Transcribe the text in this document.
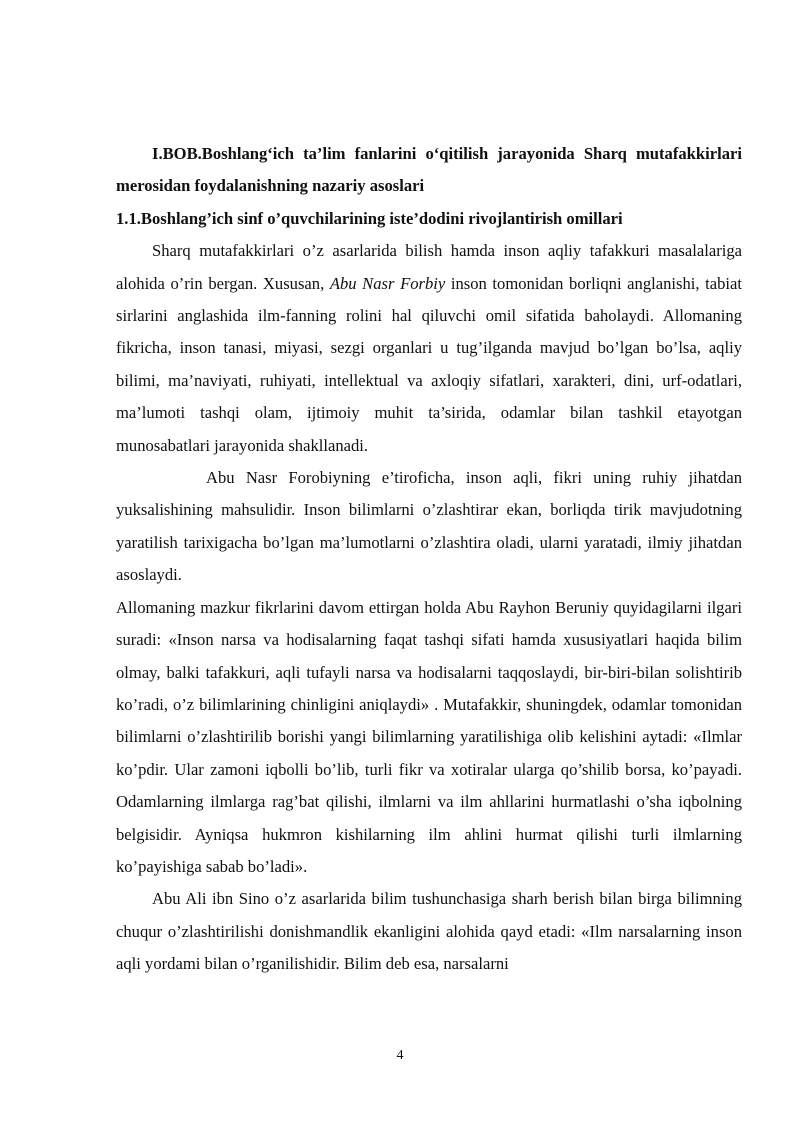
I.BOB.Boshlang‘ich ta’lim fanlarini o‘qitilish jarayonida Sharq mutafakkirlari merosidan foydalanishning nazariy asoslari

1.1.Boshlang’ich sinf o’quvchilarining iste’dodini rivojlantirish omillari

Sharq mutafakkirlari o’z asarlarida bilish hamda inson aqliy tafakkuri masalalariga alohida o’rin bergan. Xususan, Abu Nasr Forbiy inson tomonidan borliqni anglanishi, tabiat sirlarini anglashida ilm-fanning rolini hal qiluvchi omil sifatida baholaydi. Allomaning fikricha, inson tanasi, miyasi, sezgi organlari u tug’ilganda mavjud bo’lgan bo’lsa, aqliy bilimi, ma’naviyati, ruhiyati, intellektual va axloqiy sifatlari, xarakteri, dini, urf-odatlari, ma’lumoti tashqi olam, ijtimoiy muhit ta’sirida, odamlar bilan tashkil etayotgan munosabatlari jarayonida shakllanadi.

Abu Nasr Forobiyning e’tiroficha, inson aqli, fikri uning ruhiy jihatdan yuksalishining mahsulidir. Inson bilimlarni o’zlashtirar ekan, borliqda tirik mavjudotning yaratilish tarixigacha bo’lgan ma’lumotlarni o’zlashtira oladi, ularni yaratadi, ilmiy jihatdan asoslaydi.

Allomaning mazkur fikrlarini davom ettirgan holda Abu Rayhon Beruniy quyidagilarni ilgari suradi: «Inson narsa va hodisalarning faqat tashqi sifati hamda xususiyatlari haqida bilim olmay, balki tafakkuri, aqli tufayli narsa va hodisalarni taqqoslaydi, bir-biri-bilan solishtirib ko’radi, o’z bilimlarining chinligini aniqlaydi» . Mutafakkir, shuningdek, odamlar tomonidan bilimlarni o’zlashtirilib borishi yangi bilimlarning yaratilishiga olib kelishini aytadi: «Ilmlar ko’pdir. Ular zamoni iqbolli bo’lib, turli fikr va xotiralar ularga qo’shilib borsa, ko’payadi. Odamlarning ilmlarga rag’bat qilishi, ilmlarni va ilm ahllarini hurmatlashi o’sha iqbolning belgisidir. Ayniqsa hukmron kishilarning ilm ahlini hurmat qilishi turli ilmlarning ko’payishiga sabab bo’ladi».

Abu Ali ibn Sino o’z asarlarida bilim tushunchasiga sharh berish bilan birga bilimning chuqur o’zlashtirilishi donishmandlik ekanligini alohida qayd etadi: «Ilm narsalarning inson aqli yordami bilan o’rganilishidir. Bilim deb esa, narsalarni

4
